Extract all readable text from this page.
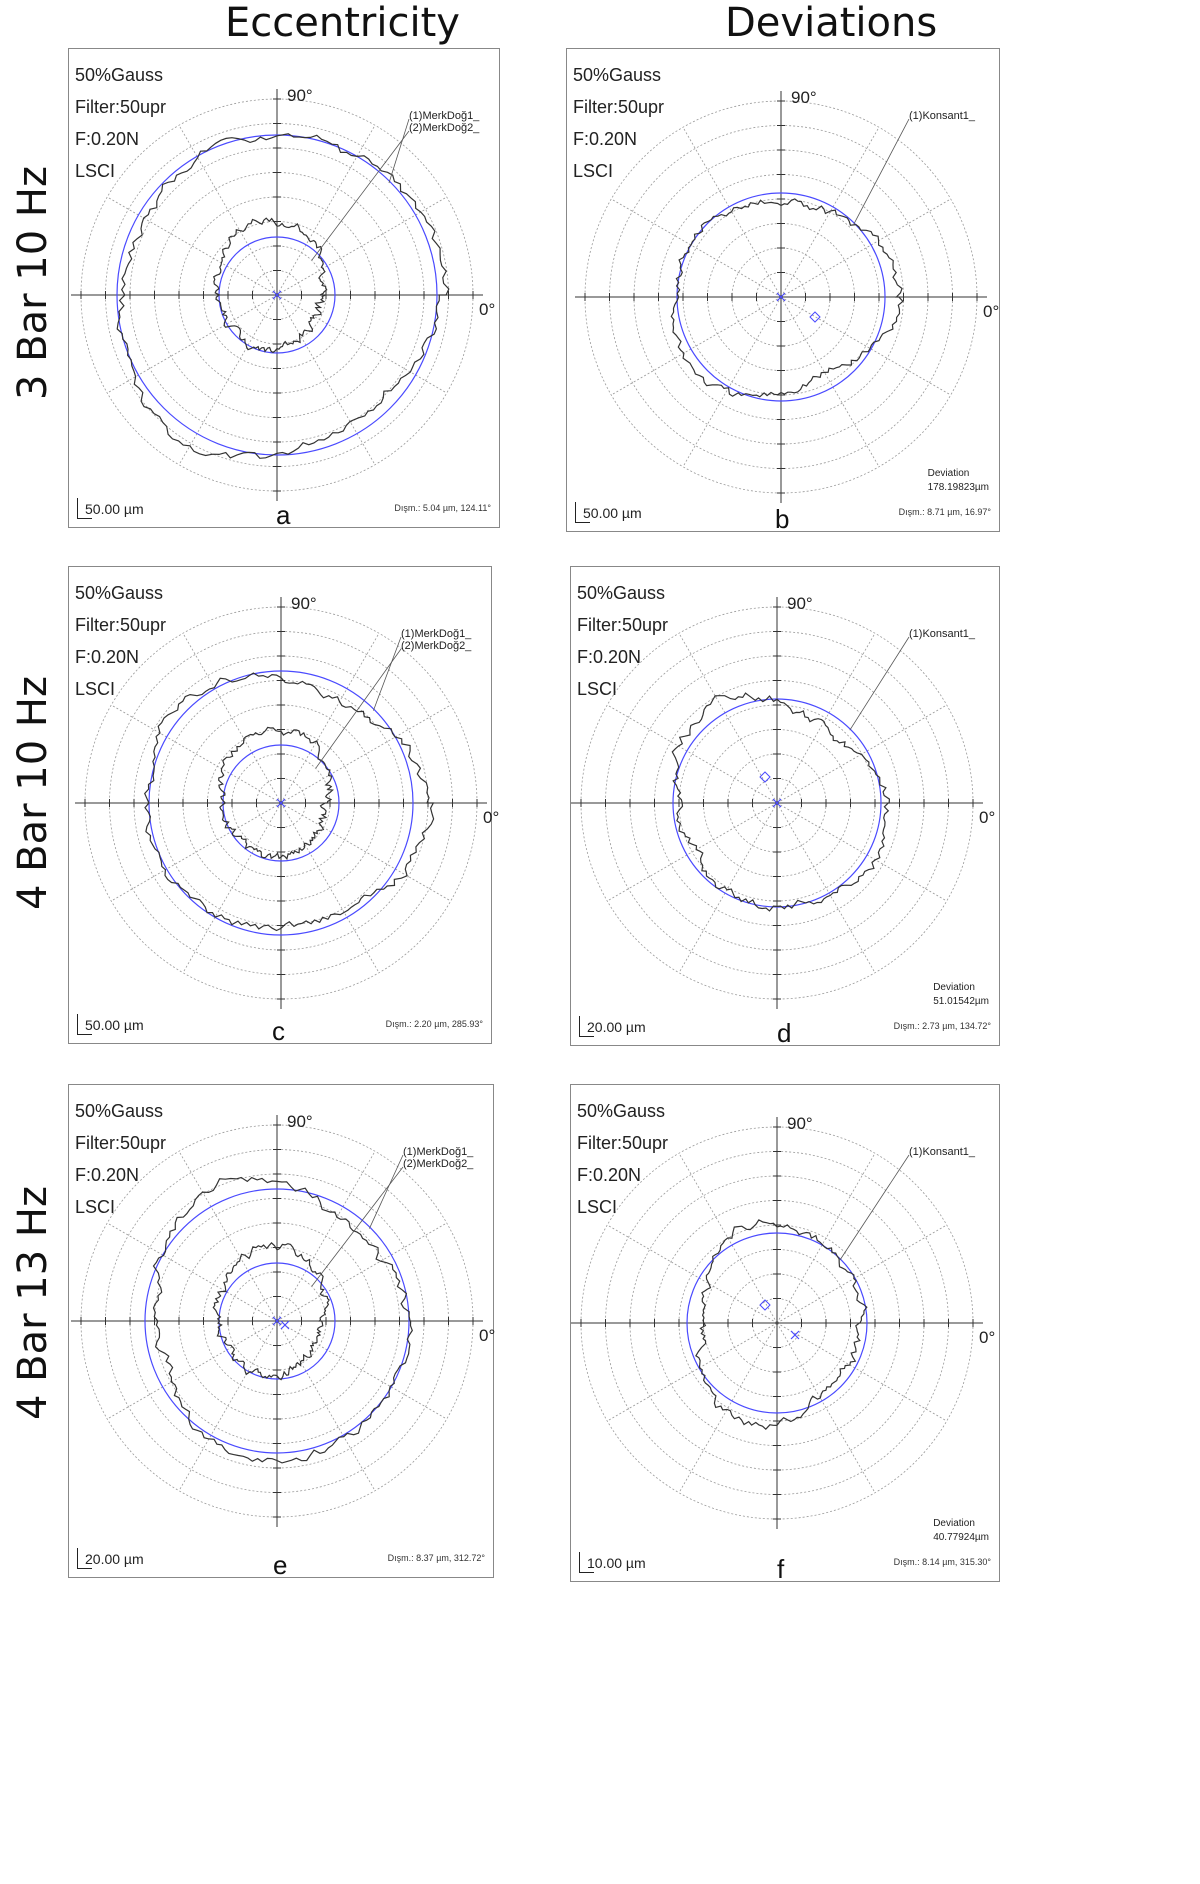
Eccentricity	Deviations
3 Bar 10 Hz
4 Bar 10 Hz
4 Bar 13 Hz
90°
0°
(1)MerkDoğ1_
(2)MerkDoğ2_
50%Gauss
Filter:50upr
F:0.20N
LSCI
50.00 µm	a	Dışm.: 5.04 µm, 124.11°
90°
0°
(1)Konsant1_
50%Gauss
Filter:50upr
F:0.20N
LSCI
50.00 µm	b	Dışm.: 8.71 µm, 16.97°
Deviation
178.19823µm
90°
0°
(1)MerkDoğ1_
(2)MerkDoğ2_
50%Gauss
Filter:50upr
F:0.20N
LSCI
50.00 µm	c	Dışm.: 2.20 µm, 285.93°
90°
0°
(1)Konsant1_
50%Gauss
Filter:50upr
F:0.20N
LSCI
20.00 µm	d	Dışm.: 2.73 µm, 134.72°
Deviation
51.01542µm
90°
0°
(1)MerkDoğ1_
(2)MerkDoğ2_
50%Gauss
Filter:50upr
F:0.20N
LSCI
20.00 µm	e	Dışm.: 8.37 µm, 312.72°
90°
0°
(1)Konsant1_
50%Gauss
Filter:50upr
F:0.20N
LSCI
10.00 µm	f	Dışm.: 8.14 µm, 315.30°
Deviation
40.77924µm
